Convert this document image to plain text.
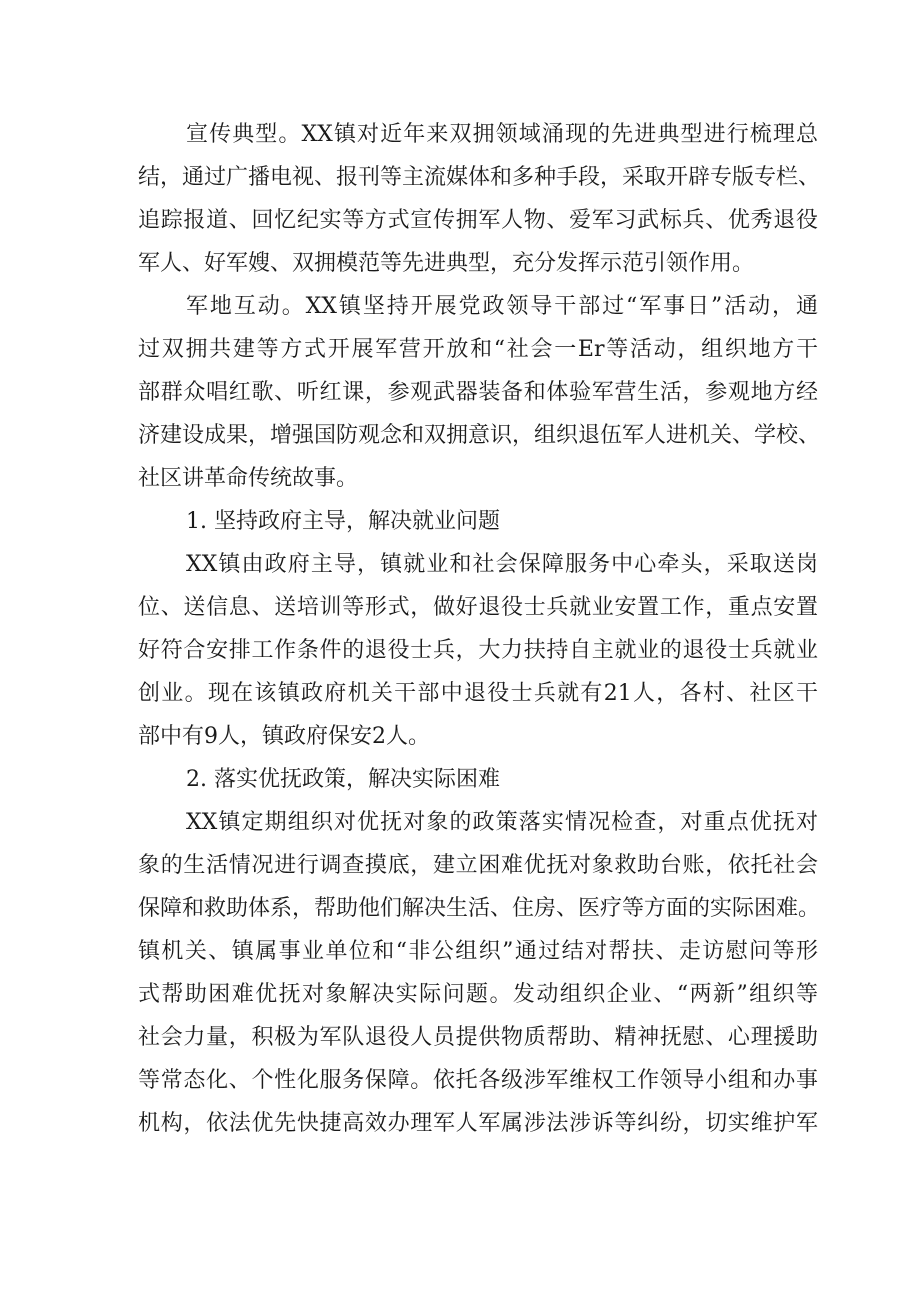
宣传典型。XX镇对近年来双拥领域涌现的先进典型进行梳理总
结，通过广播电视、报刊等主流媒体和多种手段，采取开辟专版专栏、
追踪报道、回忆纪实等方式宣传拥军人物、爱军习武标兵、优秀退役
军人、好军嫂、双拥模范等先进典型，充分发挥示范引领作用。
军地互动。XX镇坚持开展党政领导干部过“军事日”活动，通
过双拥共建等方式开展军营开放和“社会一Er等活动，组织地方干
部群众唱红歌、听红课，参观武器装备和体验军营生活，参观地方经
济建设成果，增强国防观念和双拥意识，组织退伍军人进机关、学校、
社区讲革命传统故事。
1. 坚持政府主导，解决就业问题
XX镇由政府主导，镇就业和社会保障服务中心牵头，采取送岗
位、送信息、送培训等形式，做好退役士兵就业安置工作，重点安置
好符合安排工作条件的退役士兵，大力扶持自主就业的退役士兵就业
创业。现在该镇政府机关干部中退役士兵就有21人，各村、社区干
部中有9人，镇政府保安2人。
2. 落实优抚政策，解决实际困难
XX镇定期组织对优抚对象的政策落实情况检查，对重点优抚对
象的生活情况进行调查摸底，建立困难优抚对象救助台账，依托社会
保障和救助体系，帮助他们解决生活、住房、医疗等方面的实际困难。
镇机关、镇属事业单位和“非公组织”通过结对帮扶、走访慰问等形
式帮助困难优抚对象解决实际问题。发动组织企业、“两新”组织等
社会力量，积极为军队退役人员提供物质帮助、精神抚慰、心理援助
等常态化、个性化服务保障。依托各级涉军维权工作领导小组和办事
机构，依法优先快捷高效办理军人军属涉法涉诉等纠纷，切实维护军
